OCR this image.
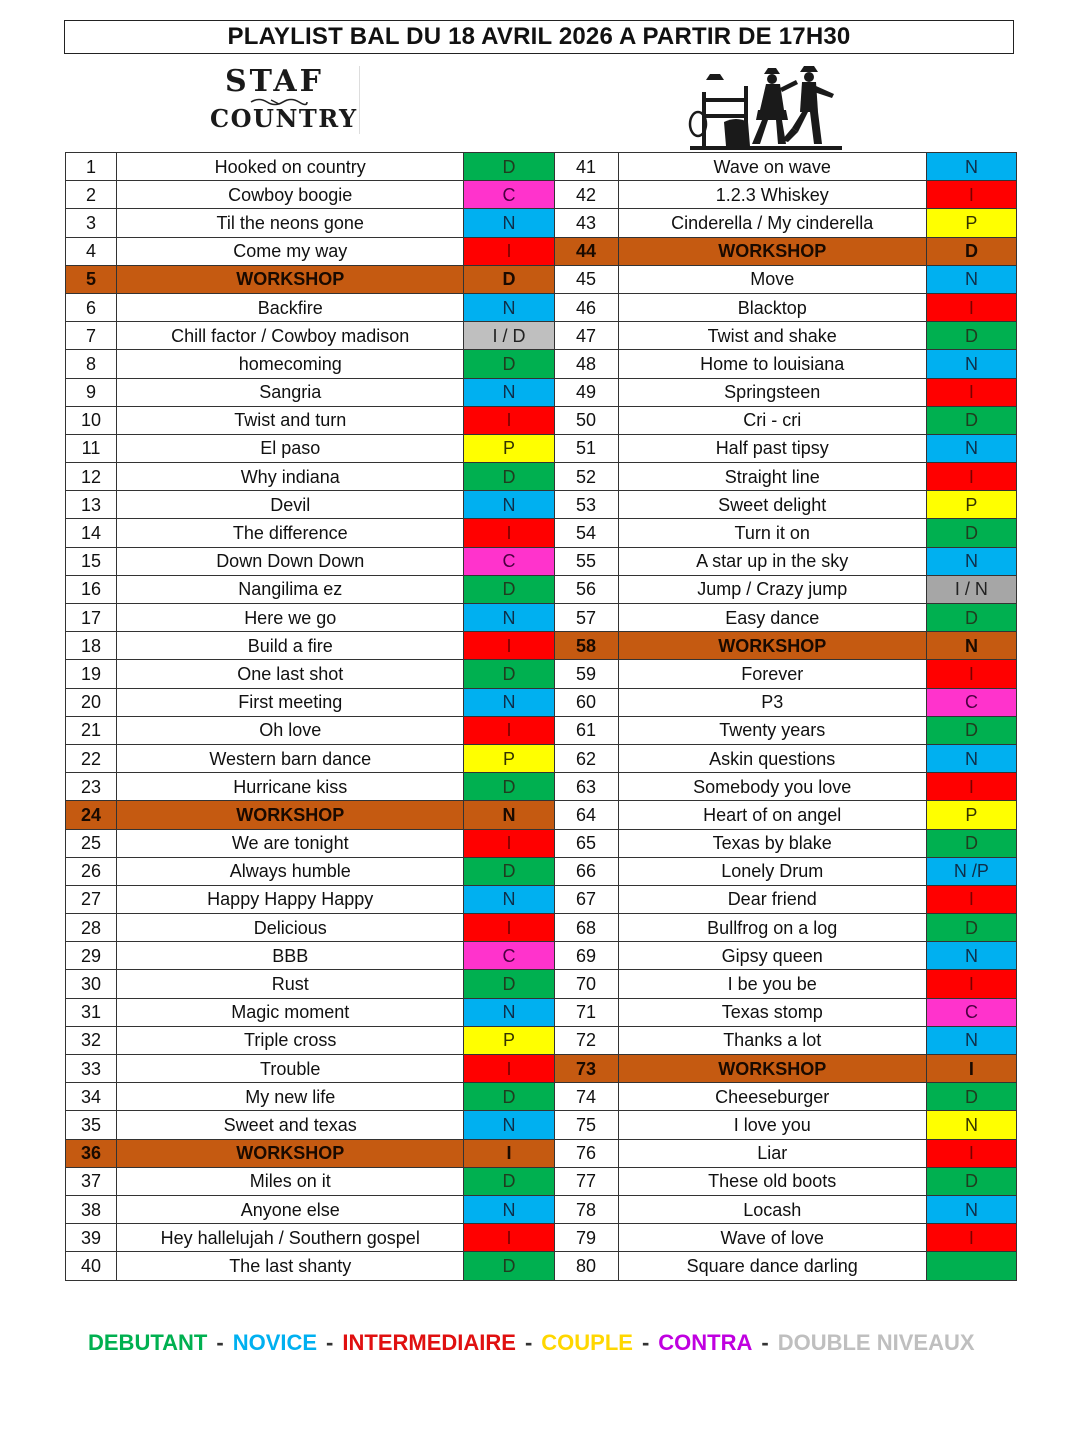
PLAYLIST BAL DU 18 AVRIL 2026 A PARTIR DE 17H30
STAF
COUNTRY
1	Hooked on country	D	41	Wave on wave	N
2	Cowboy boogie	C	42	1.2.3 Whiskey	I
3	Til the neons gone	N	43	Cinderella / My cinderella	P
4	Come my way	I	44	WORKSHOP	D
5	WORKSHOP	D	45	Move	N
6	Backfire	N	46	Blacktop	I
7	Chill factor / Cowboy madison	I / D	47	Twist and shake	D
8	homecoming	D	48	Home to louisiana	N
9	Sangria	N	49	Springsteen	I
10	Twist and turn	I	50	Cri - cri	D
11	El paso	P	51	Half past tipsy	N
12	Why indiana	D	52	Straight line	I
13	Devil	N	53	Sweet delight	P
14	The difference	I	54	Turn it on	D
15	Down Down Down	C	55	A star up in the sky	N
16	Nangilima ez	D	56	Jump / Crazy jump	I / N
17	Here we go	N	57	Easy dance	D
18	Build a fire	I	58	WORKSHOP	N
19	One last shot	D	59	Forever	I
20	First meeting	N	60	P3	C
21	Oh love	I	61	Twenty years	D
22	Western barn dance	P	62	Askin questions	N
23	Hurricane kiss	D	63	Somebody you love	I
24	WORKSHOP	N	64	Heart of on angel	P
25	We are tonight	I	65	Texas by blake	D
26	Always humble	D	66	Lonely Drum	N /P
27	Happy Happy Happy	N	67	Dear friend	I
28	Delicious	I	68	Bullfrog on a log	D
29	BBB	C	69	Gipsy queen	N
30	Rust	D	70	I be you be	I
31	Magic moment	N	71	Texas stomp	C
32	Triple cross	P	72	Thanks a lot	N
33	Trouble	I	73	WORKSHOP	I
34	My new life	D	74	Cheeseburger	D
35	Sweet and texas	N	75	I love you	N
36	WORKSHOP	I	76	Liar	I
37	Miles on it	D	77	These old boots	D
38	Anyone else	N	78	Locash	N
39	Hey hallelujah / Southern gospel	I	79	Wave of love	I
40	The last shanty	D	80	Square dance darling	
DEBUTANT - NOVICE - INTERMEDIAIRE - COUPLE - CONTRA - DOUBLE NIVEAUX
